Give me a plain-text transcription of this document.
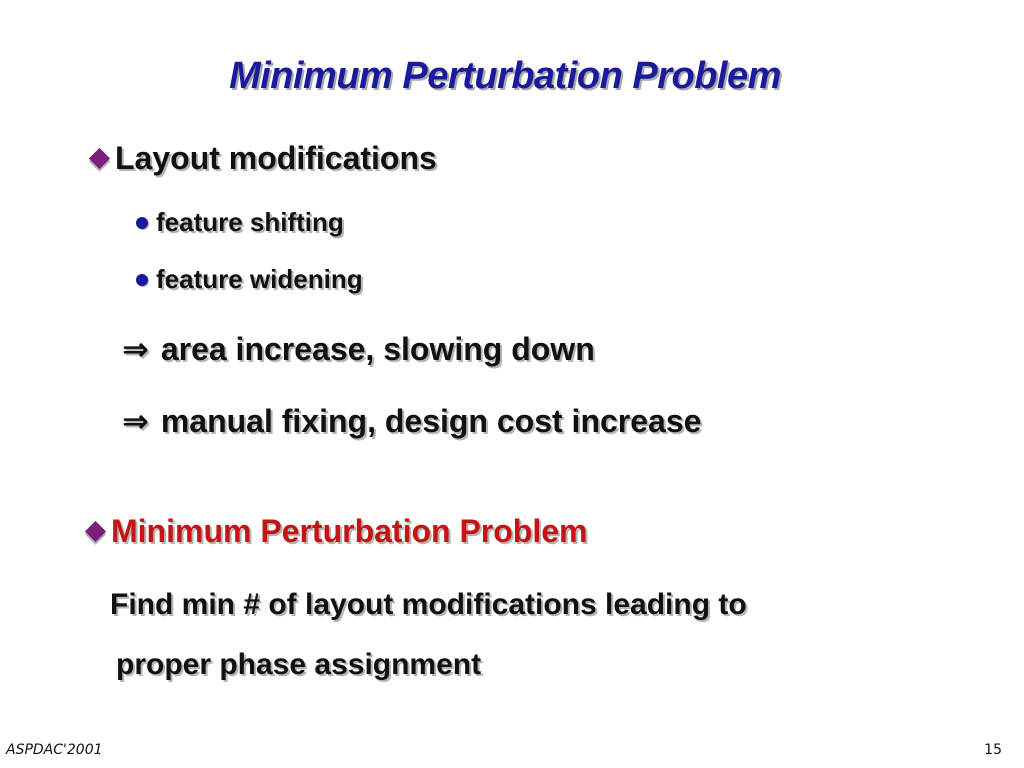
Minimum Perturbation Problem
Layout modifications
feature shifting
feature widening
⇒ area increase, slowing down
⇒ manual fixing, design cost increase
Minimum Perturbation Problem
Find min # of layout modifications leading to
proper phase assignment
ASPDAC'2001	15
